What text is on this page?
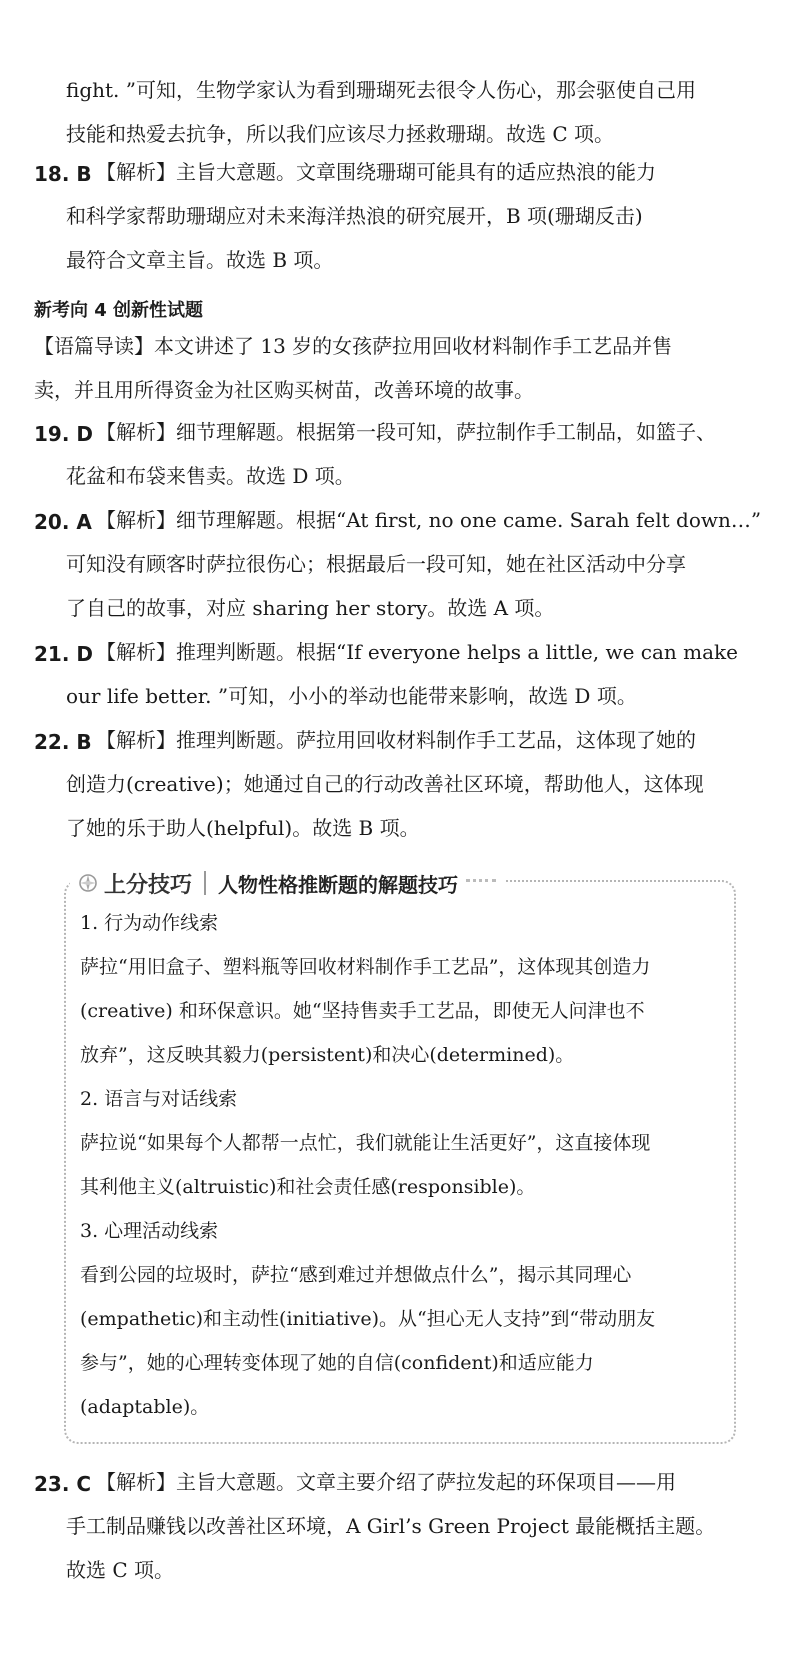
fight. ”可知，生物学家认为看到珊瑚死去很令人伤心，那会驱使自己用
技能和热爱去抗争，所以我们应该尽力拯救珊瑚。故选 C 项。
18. B 【解析】主旨大意题。文章围绕珊瑚可能具有的适应热浪的能力
和科学家帮助珊瑚应对未来海洋热浪的研究展开，B 项(珊瑚反击)
最符合文章主旨。故选 B 项。
新考向 4 创新性试题
【语篇导读】本文讲述了 13 岁的女孩萨拉用回收材料制作手工艺品并售
卖，并且用所得资金为社区购买树苗，改善环境的故事。
19. D 【解析】细节理解题。根据第一段可知，萨拉制作手工制品，如篮子、
花盆和布袋来售卖。故选 D 项。
20. A 【解析】细节理解题。根据“At first, no one came. Sarah felt down…”
可知没有顾客时萨拉很伤心；根据最后一段可知，她在社区活动中分享
了自己的故事，对应 sharing her story。故选 A 项。
21. D 【解析】推理判断题。根据“If everyone helps a little, we can make
our life better. ”可知，小小的举动也能带来影响，故选 D 项。
22. B 【解析】推理判断题。萨拉用回收材料制作手工艺品，这体现了她的
创造力(creative)；她通过自己的行动改善社区环境，帮助他人，这体现
了她的乐于助人(helpful)。故选 B 项。
上分技巧 人物性格推断题的解题技巧
1. 行为动作线索
萨拉“用旧盒子、塑料瓶等回收材料制作手工艺品”，这体现其创造力
(creative) 和环保意识。她“坚持售卖手工艺品，即使无人问津也不
放弃”，这反映其毅力(persistent)和决心(determined)。
2. 语言与对话线索
萨拉说“如果每个人都帮一点忙，我们就能让生活更好”，这直接体现
其利他主义(altruistic)和社会责任感(responsible)。
3. 心理活动线索
看到公园的垃圾时，萨拉“感到难过并想做点什么”，揭示其同理心
(empathetic)和主动性(initiative)。从“担心无人支持”到“带动朋友
参与”，她的心理转变体现了她的自信(confident)和适应能力
(adaptable)。
23. C 【解析】主旨大意题。文章主要介绍了萨拉发起的环保项目——用
手工制品赚钱以改善社区环境，A Girl’s Green Project 最能概括主题。
故选 C 项。
